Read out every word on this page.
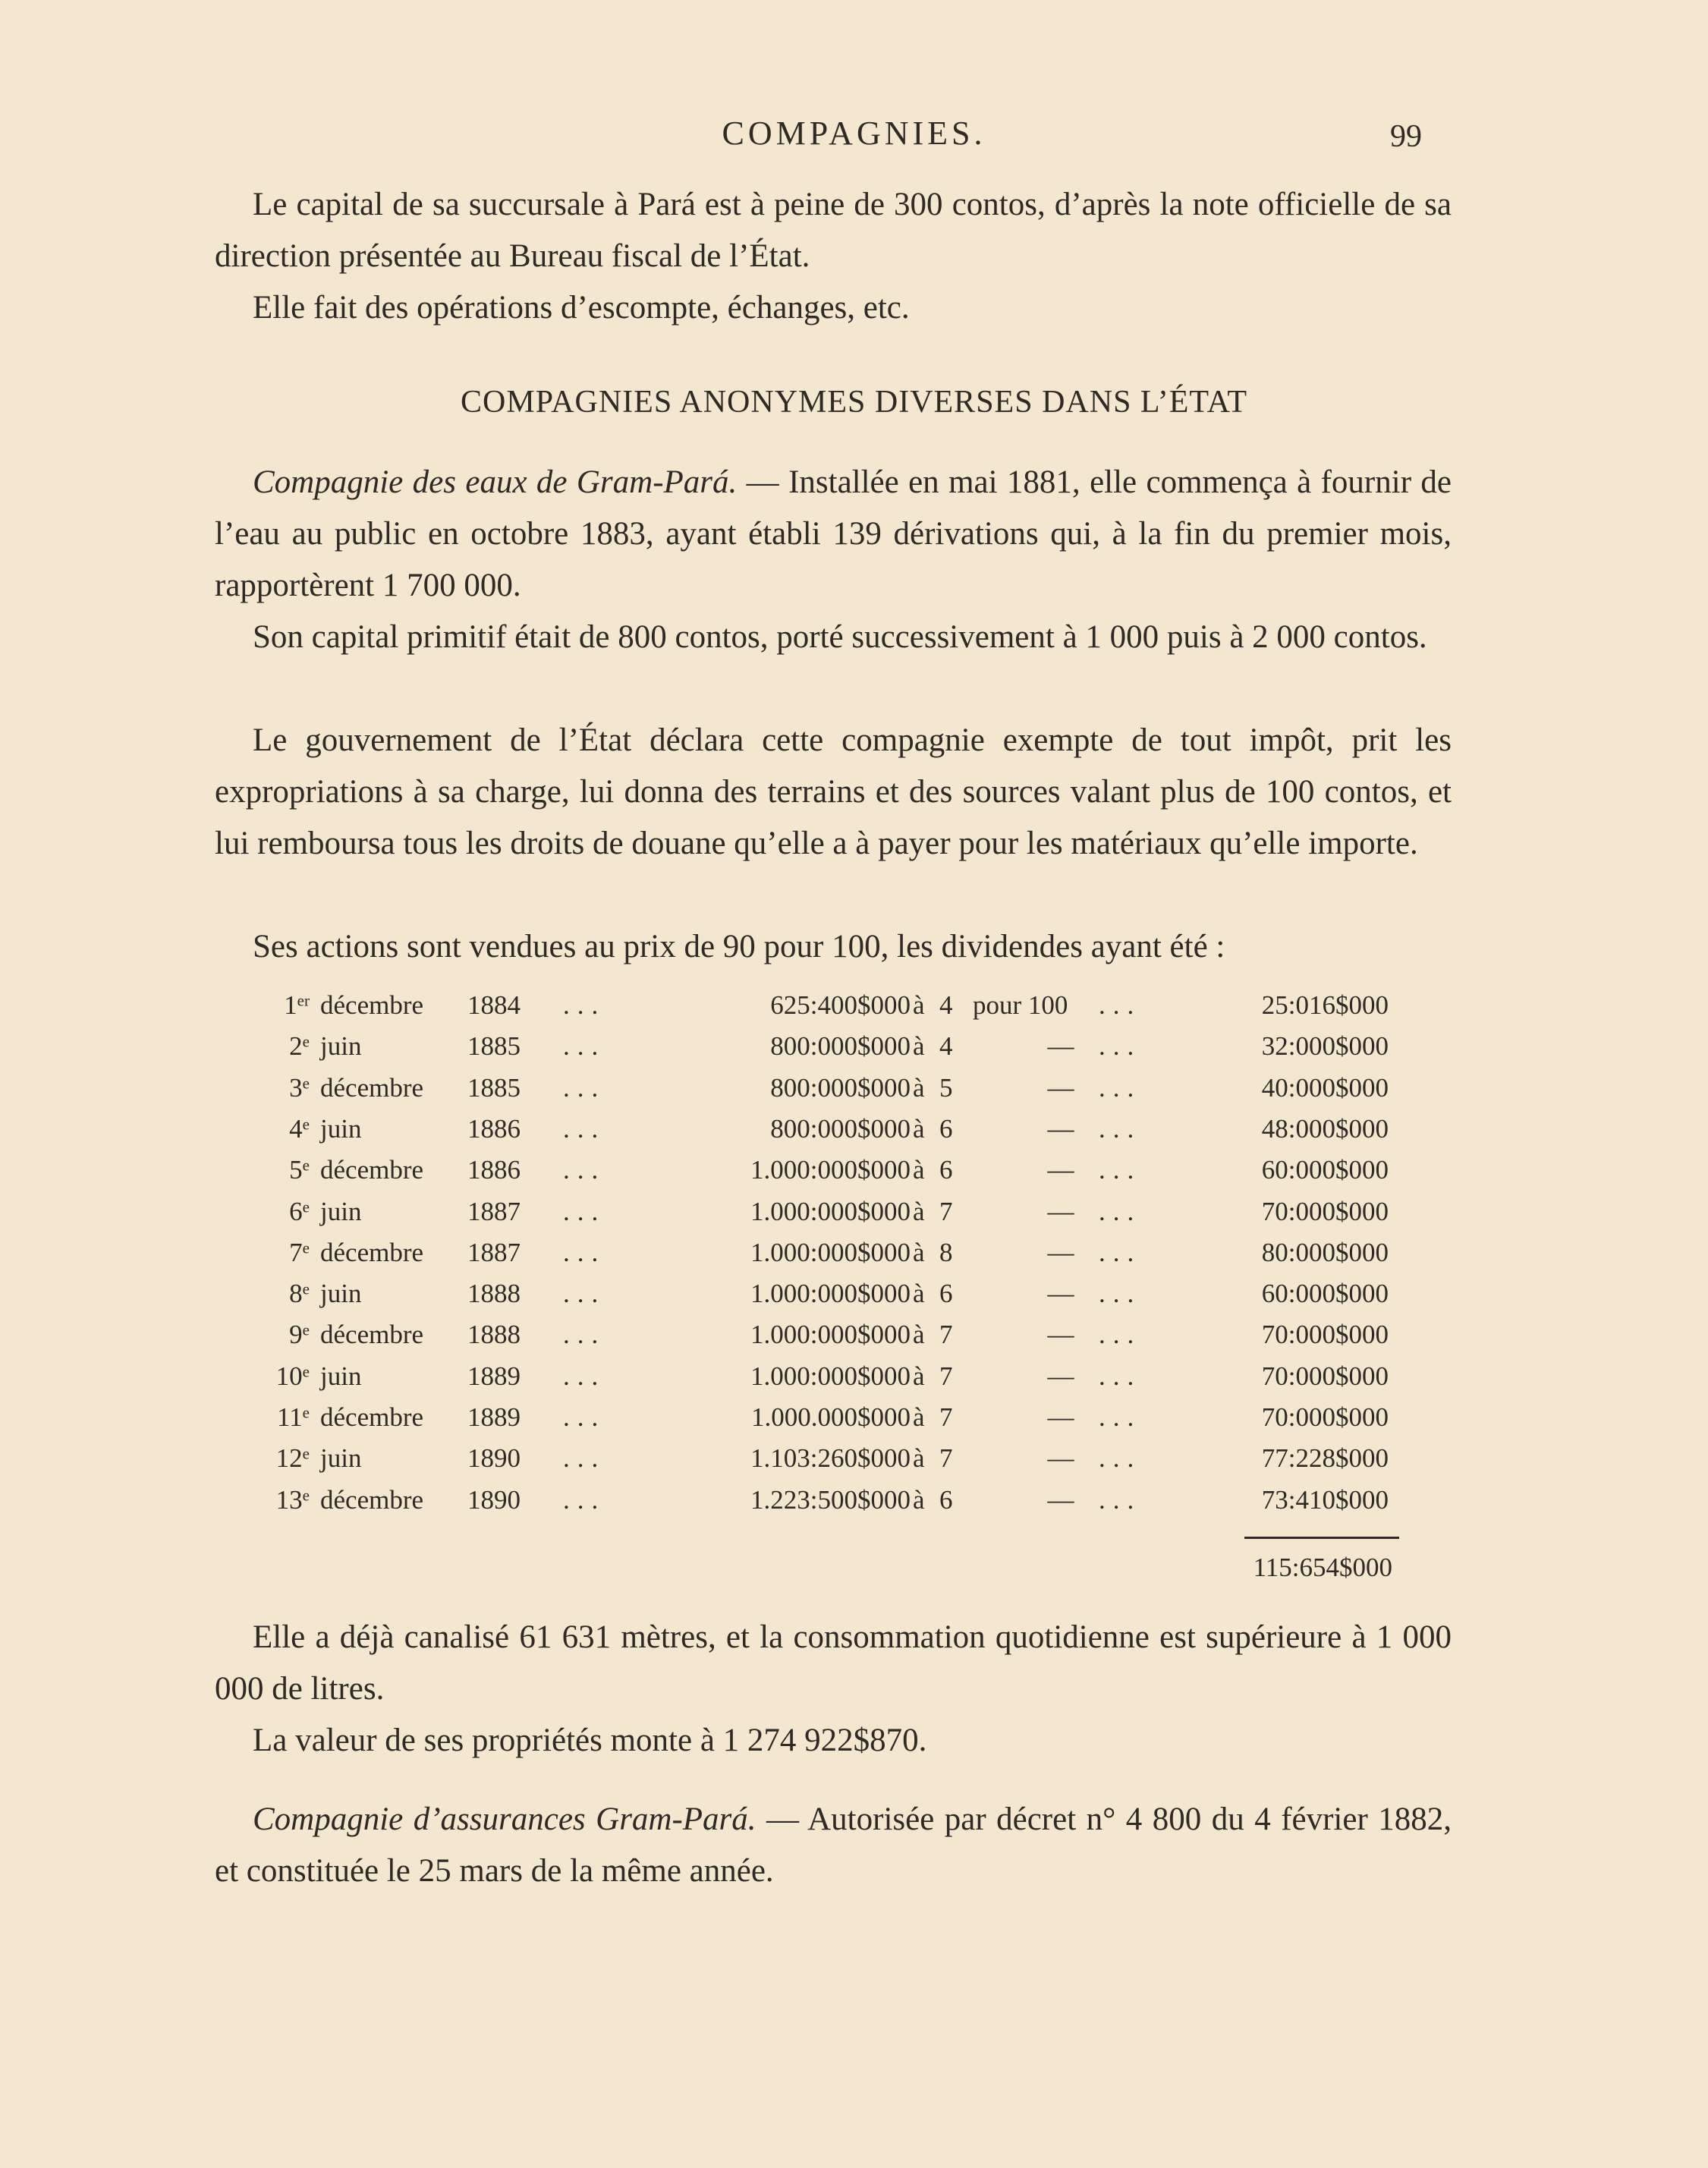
COMPAGNIES.	99

Le capital de sa succursale à Pará est à peine de 300 contos, d’après la note officielle de sa direction présentée au Bureau fiscal de l’État.

Elle fait des opérations d’escompte, échanges, etc.

COMPAGNIES ANONYMES DIVERSES DANS L’ÉTAT

Compagnie des eaux de Gram-Pará. — Installée en mai 1881, elle commença à fournir de l’eau au public en octobre 1883, ayant établi 139 dérivations qui, à la fin du premier mois, rapportèrent 1 700 000.

Son capital primitif était de 800 contos, porté successivement à 1 000 puis à 2 000 contos.

Le gouvernement de l’État déclara cette compagnie exempte de tout impôt, prit les expropriations à sa charge, lui donna des terrains et des sources valant plus de 100 contos, et lui remboursa tous les droits de douane qu’elle a à payer pour les matériaux qu’elle importe.

Ses actions sont vendues au prix de 90 pour 100, les dividendes ayant été :

1er décembre 1884 ...	625:400$000 à 4 pour 100 ...	25:016$000
2e juin	1885 ...	800:000$000 à 4	— ...	32:000$000
3e décembre 1885 ...	800:000$000 à 5	— ...	40:000$000
4e juin	1886 ...	800:000$000 à 6	— ...	48:000$000
5e décembre 1886 ...	1.000:000$000 à 6	— ...	60:000$000
6e juin	1887 ...	1.000:000$000 à 7	— ...	70:000$000
7e décembre 1887 ...	1.000:000$000 à 8	— ...	80:000$000
8e juin	1888 ...	1.000:000$000 à 6	— ...	60:000$000
9e décembre 1888 ...	1.000:000$000 à 7	— ...	70:000$000
10e juin	1889 ...	1.000:000$000 à 7	— ...	70:000$000
11e décembre 1889 ...	1.000.000$000 à 7	— ...	70:000$000
12e juin	1890 ...	1.103:260$000 à 7	— ...	77:228$000
13e décembre 1890 ...	1.223:500$000 à 6	— ...	73:410$000
115:654$000

Elle a déjà canalisé 61 631 mètres, et la consommation quotidienne est supérieure à 1 000 000 de litres.

La valeur de ses propriétés monte à 1 274 922$870.

Compagnie d’assurances Gram-Pará. — Autorisée par décret n° 4 800 du 4 février 1882, et constituée le 25 mars de la même année.
